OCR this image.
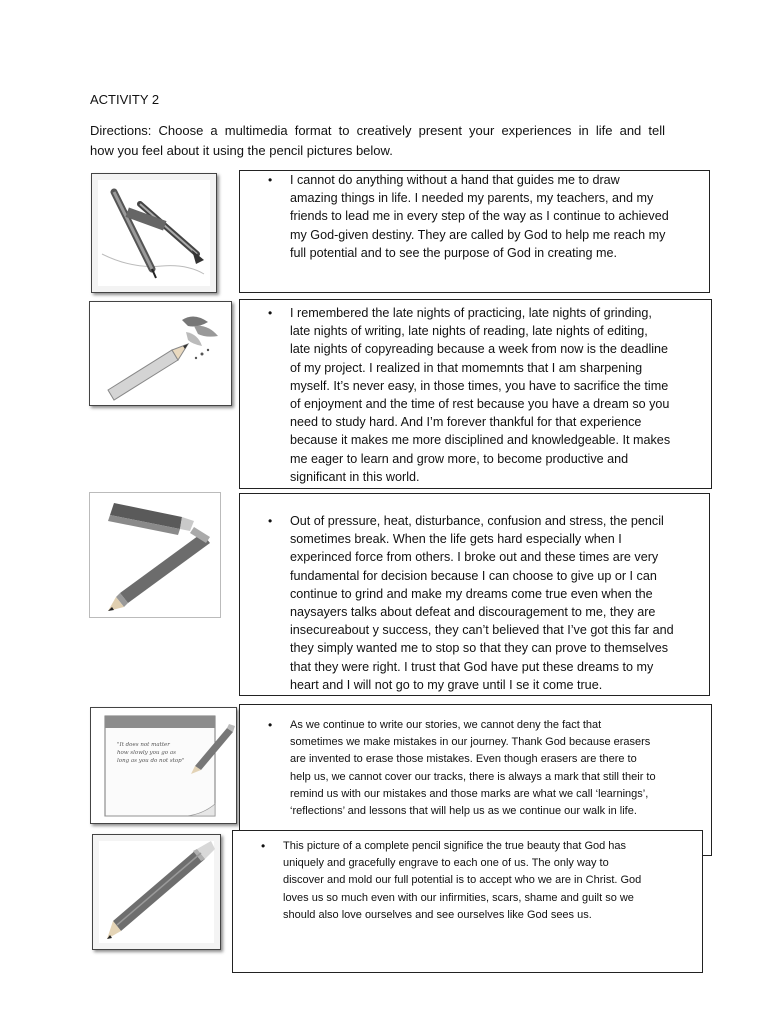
ACTIVITY 2
Directions: Choose a multimedia format to creatively present your experiences in life and tell
how you feel about it using the pencil pictures below.
"It does not matter
how slowly you go as
long as you do not stop"
• I cannot do anything without a hand that guides me to draw
amazing things in life. I needed my parents, my teachers, and my
friends to lead me in every step of the way as I continue to achieved
my God-given destiny. They are called by God to help me reach my
full potential and to see the purpose of God in creating me.
• I remembered the late nights of practicing, late nights of grinding,
late nights of writing, late nights of reading, late nights of editing,
late nights of copyreading because a week from now is the deadline
of my project. I realized in that momemnts that I am sharpening
myself. It’s never easy, in those times, you have to sacrifice the time
of enjoyment and the time of rest because you have a dream so you
need to study hard. And I’m forever thankful for that experience
because it makes me more disciplined and knowledgeable. It makes
me eager to learn and grow more, to become productive and
significant in this world.
• Out of pressure, heat, disturbance, confusion and stress, the pencil
sometimes break. When the life gets hard especially when I
experinced force from others. I broke out and these times are very
fundamental for decision because I can choose to give up or I can
continue to grind and make my dreams come true even when the
naysayers talks about defeat and discouragement to me, they are
insecureabout y success, they can’t believed that I’ve got this far and
they simply wanted me to stop so that they can prove to themselves
that they were right. I trust that God have put these dreams to my
heart and I will not go to my grave until I se it come true.
• As we continue to write our stories, we cannot deny the fact that
sometimes we make mistakes in our journey. Thank God because erasers
are invented to erase those mistakes. Even though erasers are there to
help us, we cannot cover our tracks, there is always a mark that still their to
remind us with our mistakes and those marks are what we call ‘learnings’,
‘reflections’ and lessons that will help us as we continue our walk in life.
• This picture of a complete pencil significe the true beauty that God has
uniquely and gracefully engrave to each one of us. The only way to
discover and mold our full potential is to accept who we are in Christ. God
loves us so much even with our infirmities, scars, shame and guilt so we
should also love ourselves and see ourselves like God sees us.
